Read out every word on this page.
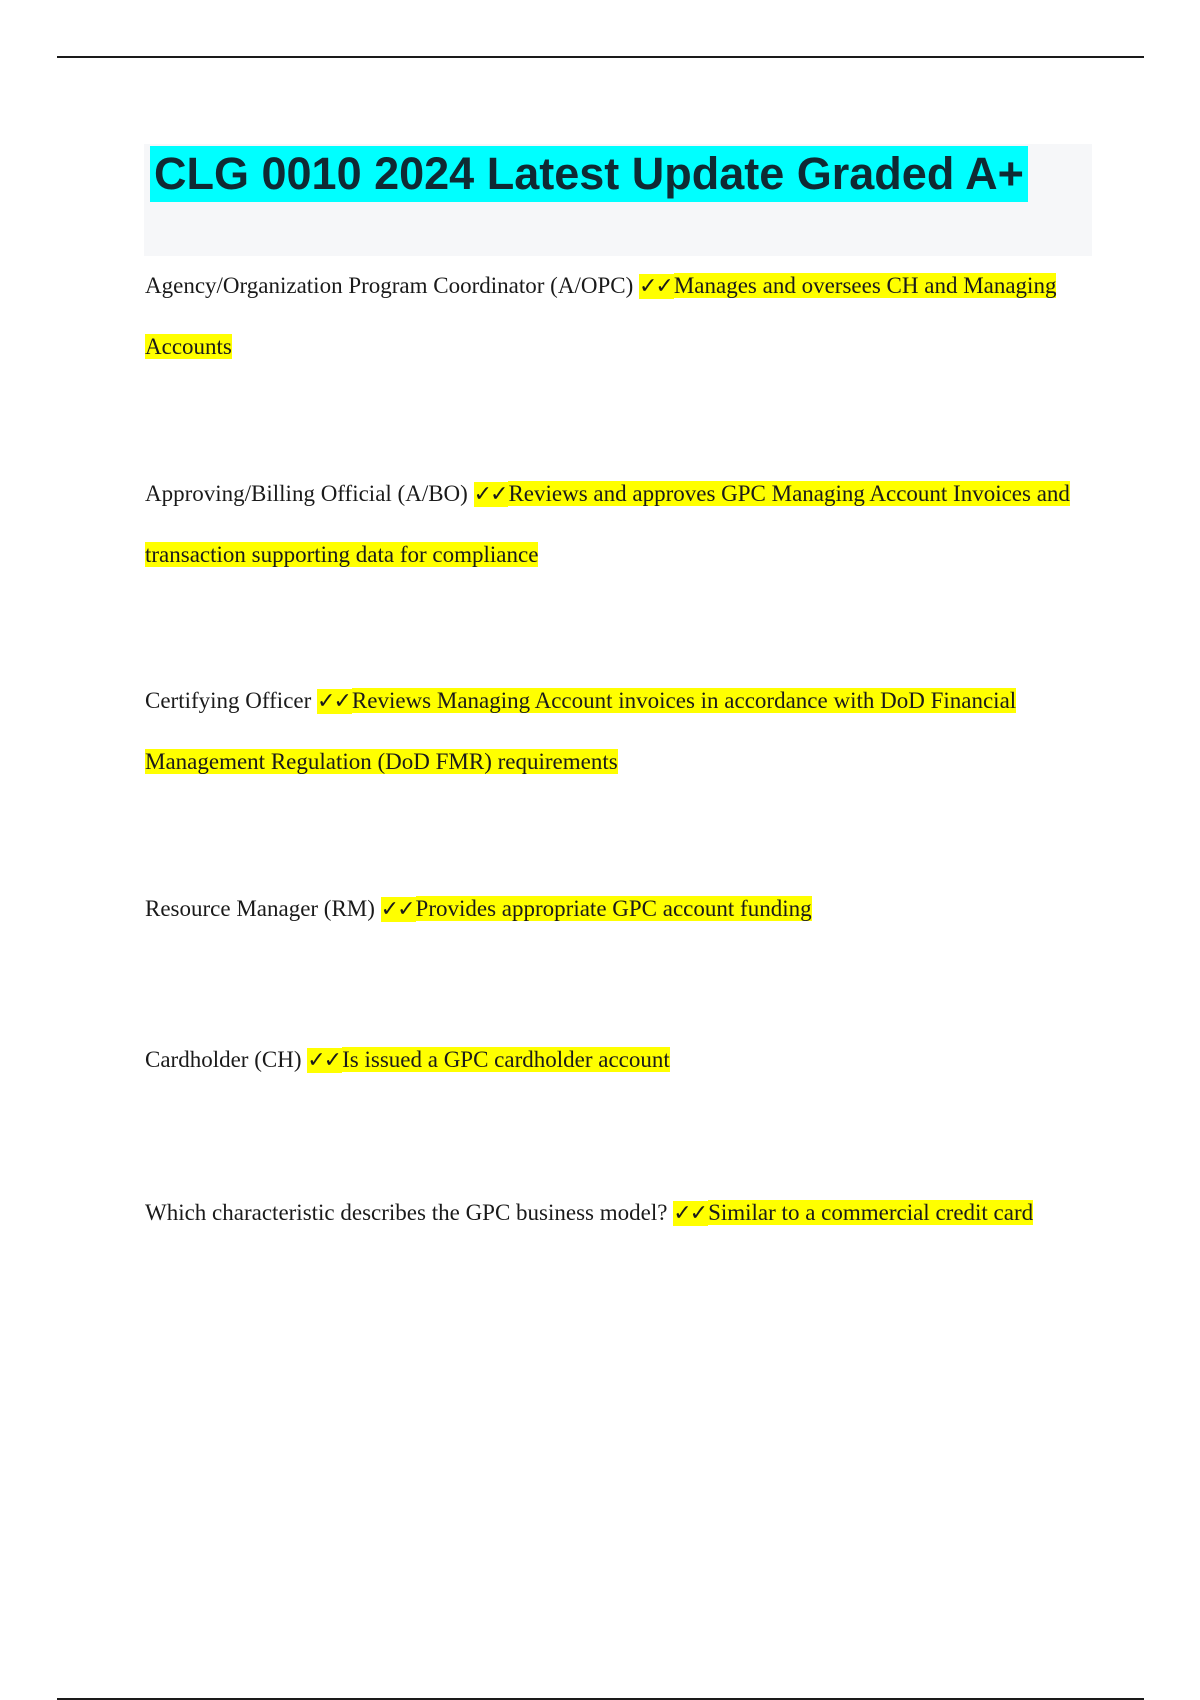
CLG 0010 2024 Latest Update Graded A+

Agency/Organization Program Coordinator (A/OPC) ✓✓Manages and oversees CH and Managing Accounts

Approving/Billing Official (A/BO) ✓✓Reviews and approves GPC Managing Account Invoices and transaction supporting data for compliance

Certifying Officer ✓✓Reviews Managing Account invoices in accordance with DoD Financial Management Regulation (DoD FMR) requirements

Resource Manager (RM) ✓✓Provides appropriate GPC account funding

Cardholder (CH) ✓✓Is issued a GPC cardholder account

Which characteristic describes the GPC business model? ✓✓Similar to a commercial credit card
